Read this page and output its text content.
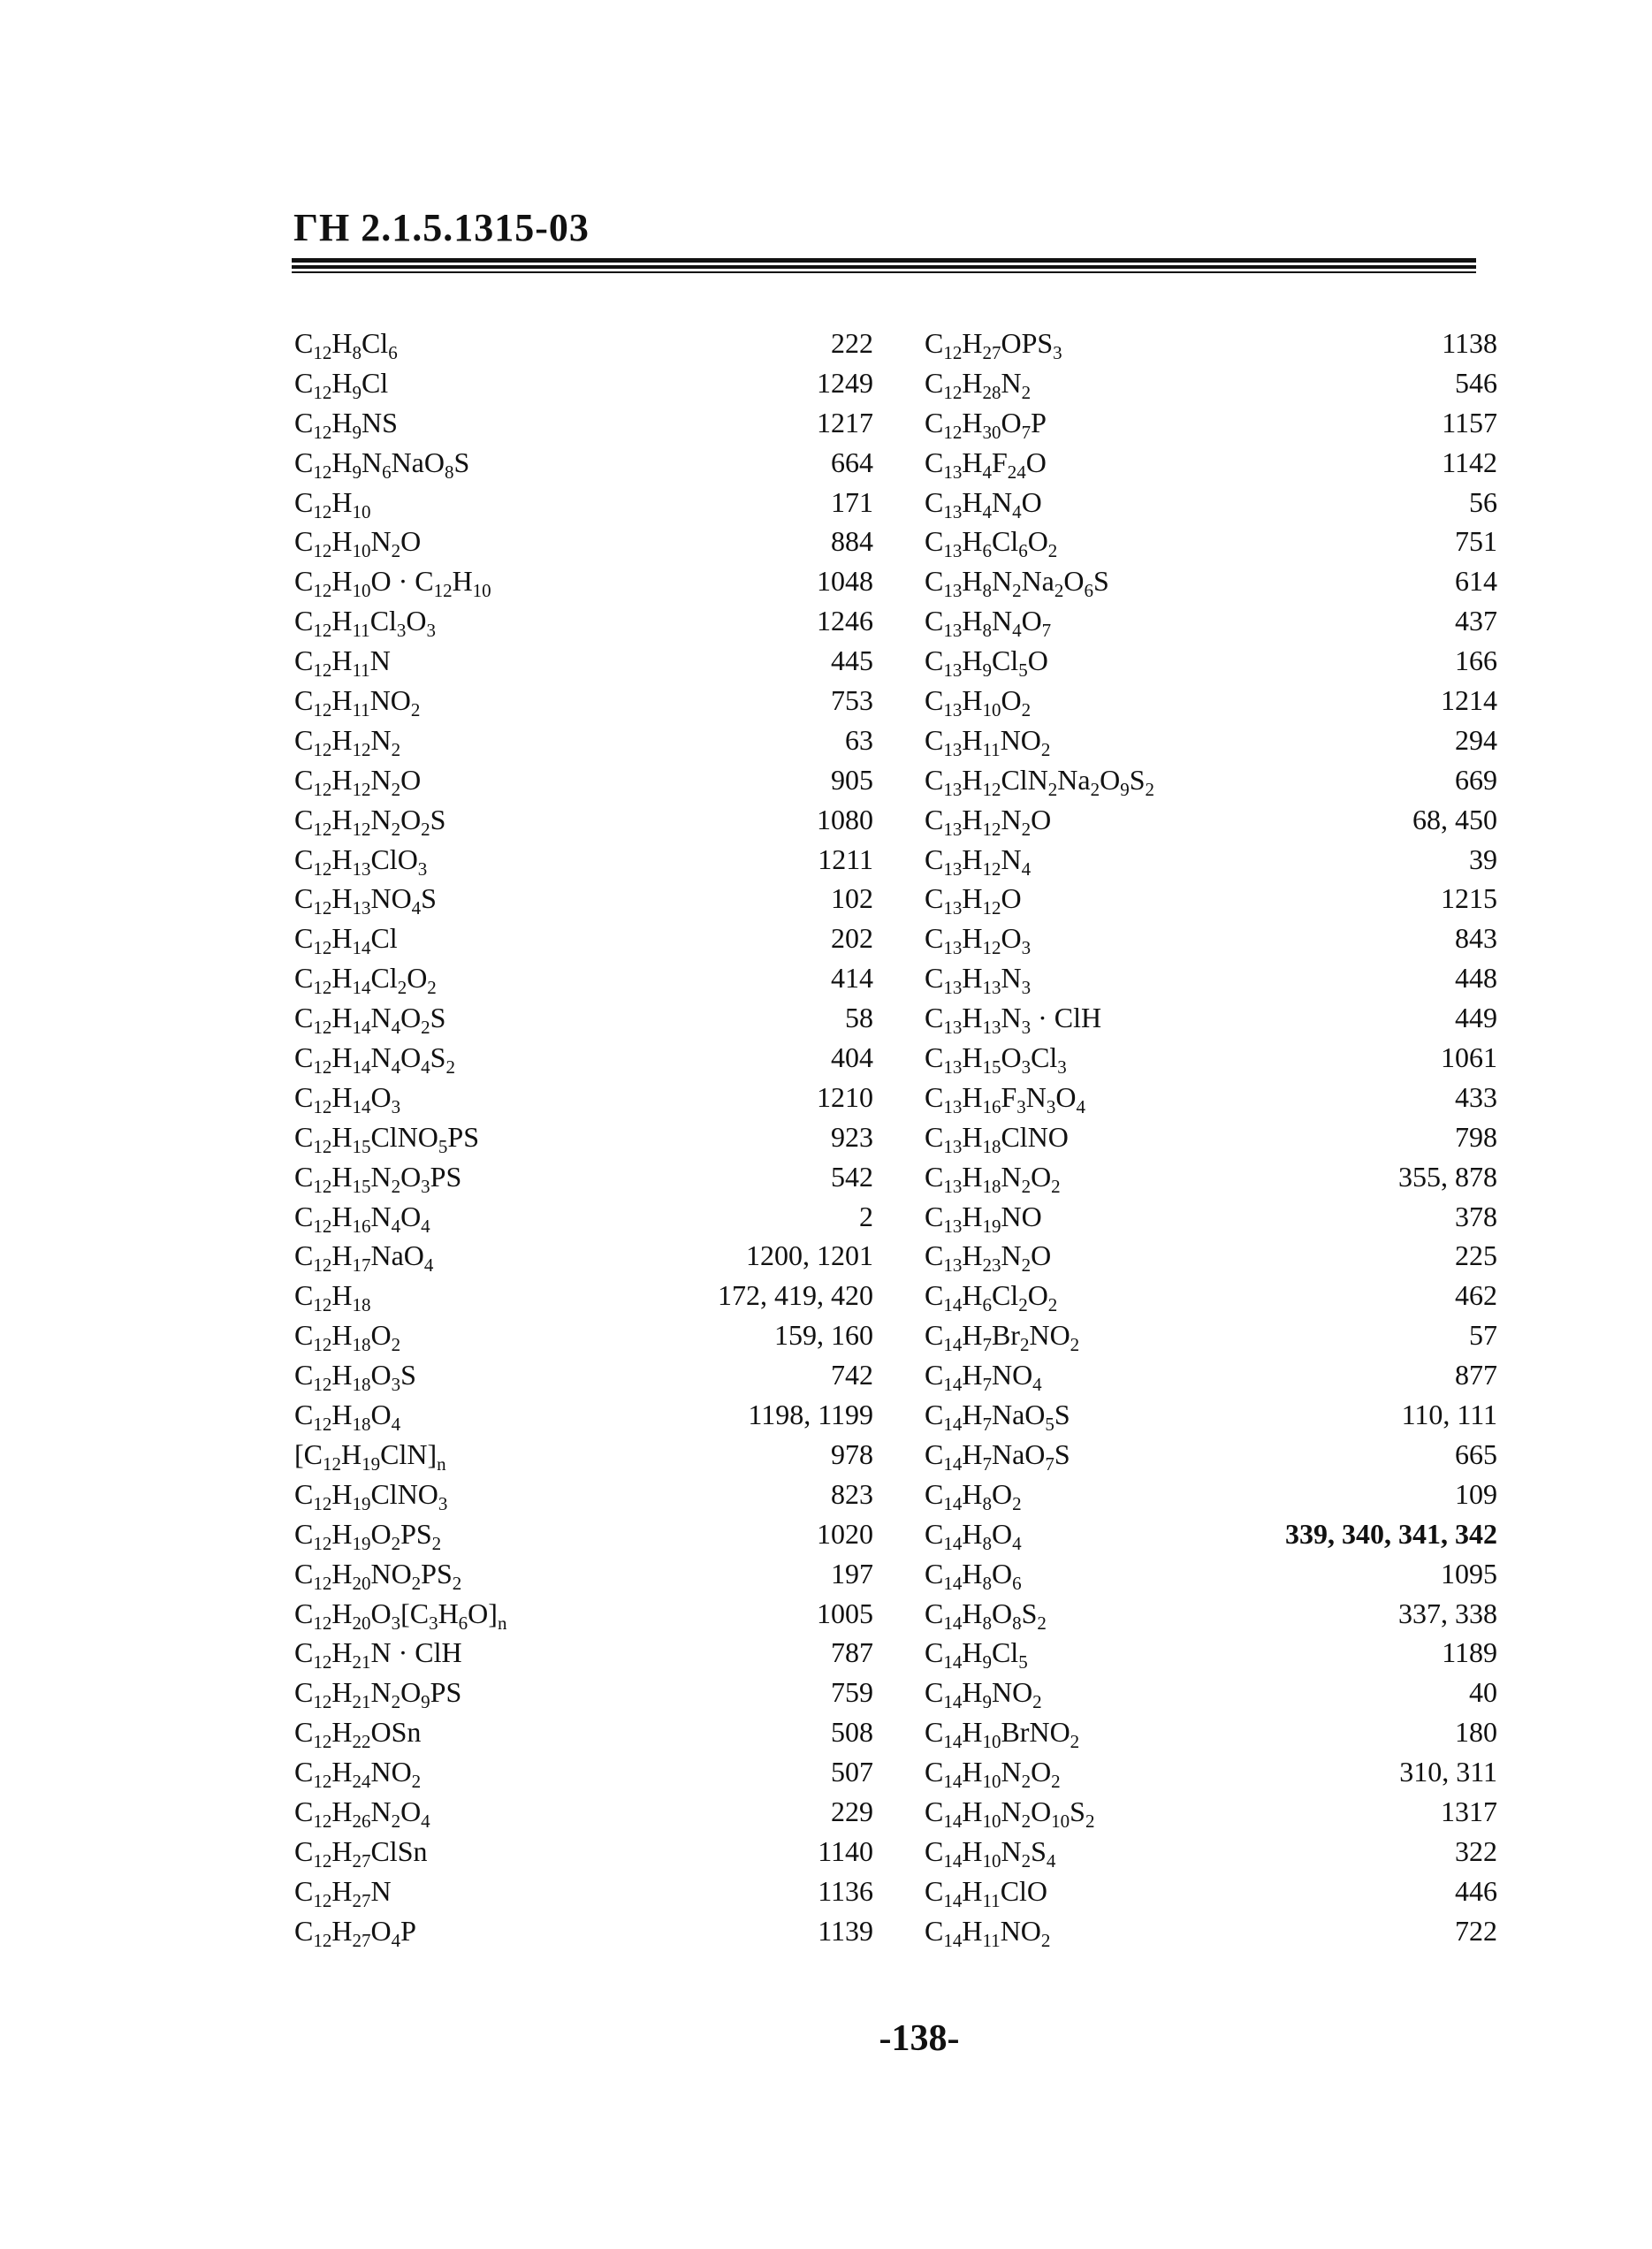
ГН 2.1.5.1315-03
$C_{12}H_8Cl_6$	222
$C_{12}H_9Cl$	1249
$C_{12}H_9NS$	1217
$C_{12}H_9N_6NaO_8S$	664
$C_{12}H_{10}$	171
$C_{12}H_{10}N_2O$	884
$C_{12}H_{10}O \cdot C_{12}H_{10}$	1048
$C_{12}H_{11}Cl_3O_3$	1246
$C_{12}H_{11}N$	445
$C_{12}H_{11}NO_2$	753
$C_{12}H_{12}N_2$	63
$C_{12}H_{12}N_2O$	905
$C_{12}H_{12}N_2O_2S$	1080
$C_{12}H_{13}ClO_3$	1211
$C_{12}H_{13}NO_4S$	102
$C_{12}H_{14}Cl$	202
$C_{12}H_{14}Cl_2O_2$	414
$C_{12}H_{14}N_4O_2S$	58
$C_{12}H_{14}N_4O_4S_2$	404
$C_{12}H_{14}O_3$	1210
$C_{12}H_{15}ClNO_5PS$	923
$C_{12}H_{15}N_2O_3PS$	542
$C_{12}H_{16}N_4O_4$	2
$C_{12}H_{17}NaO_4$	1200, 1201
$C_{12}H_{18}$	172, 419, 420
$C_{12}H_{18}O_2$	159, 160
$C_{12}H_{18}O_3S$	742
$C_{12}H_{18}O_4$	1198, 1199
$[C_{12}H_{19}ClN]_n$	978
$C_{12}H_{19}ClNO_3$	823
$C_{12}H_{19}O_2PS_2$	1020
$C_{12}H_{20}NO_2PS_2$	197
$C_{12}H_{20}O_3[C_3H_6O]_n$	1005
$C_{12}H_{21}N$ · ClH	787
$C_{12}H_{21}N_2O_9PS$	759
$C_{12}H_{22}OSn$	508
$C_{12}H_{24}NO_2$	507
$C_{12}H_{26}N_2O_4$	229
$C_{12}H_{27}ClSn$	1140
$C_{12}H_{27}N$	1136
$C_{12}H_{27}O_4P$	1139
$C_{12}H_{27}OPS_3$	1138
$C_{12}H_{28}N_2$	546
$C_{12}H_{30}O_7P$	1157
$C_{13}H_4F_{24}O$	1142
$C_{13}H_4N_4O$	56
$C_{13}H_6Cl_6O_2$	751
$C_{13}H_8N_2Na_2O_6S$	614
$C_{13}H_8N_4O_7$	437
$C_{13}H_9Cl_5O$	166
$C_{13}H_{10}O_2$	1214
$C_{13}H_{11}NO_2$	294
$C_{13}H_{12}ClN_2Na_2O_9S_2$	669
$C_{13}H_{12}N_2O$	68, 450
$C_{13}H_{12}N_4$	39
$C_{13}H_{12}O$	1215
$C_{13}H_{12}O_3$	843
$C_{13}H_{13}N_3$	448
$C_{13}H_{13}N_3$ · ClH	449
$C_{13}H_{15}O_3Cl_3$	1061
$C_{13}H_{16}F_3N_3O_4$	433
$C_{13}H_{18}ClNO$	798
$C_{13}H_{18}N_2O_2$	355, 878
$C_{13}H_{19}NO$	378
$C_{13}H_{23}N_2O$	225
$C_{14}H_6Cl_2O_2$	462
$C_{14}H_7Br_2NO_2$	57
$C_{14}H_7NO_4$	877
$C_{14}H_7NaO_5S$	110, 111
$C_{14}H_7NaO_7S$	665
$C_{14}H_8O_2$	109
$C_{14}H_8O_4$	339, 340, 341, 342
$C_{14}H_8O_6$	1095
$C_{14}H_8O_8S_2$	337, 338
$C_{14}H_9Cl_5$	1189
$C_{14}H_9NO_2$	40
$C_{14}H_{10}BrNO_2$	180
$C_{14}H_{10}N_2O_2$	310, 311
$C_{14}H_{10}N_2O_{10}S_2$	1317
$C_{14}H_{10}N_2S_4$	322
$C_{14}H_{11}ClO$	446
$C_{14}H_{11}NO_2$	722
-138-
